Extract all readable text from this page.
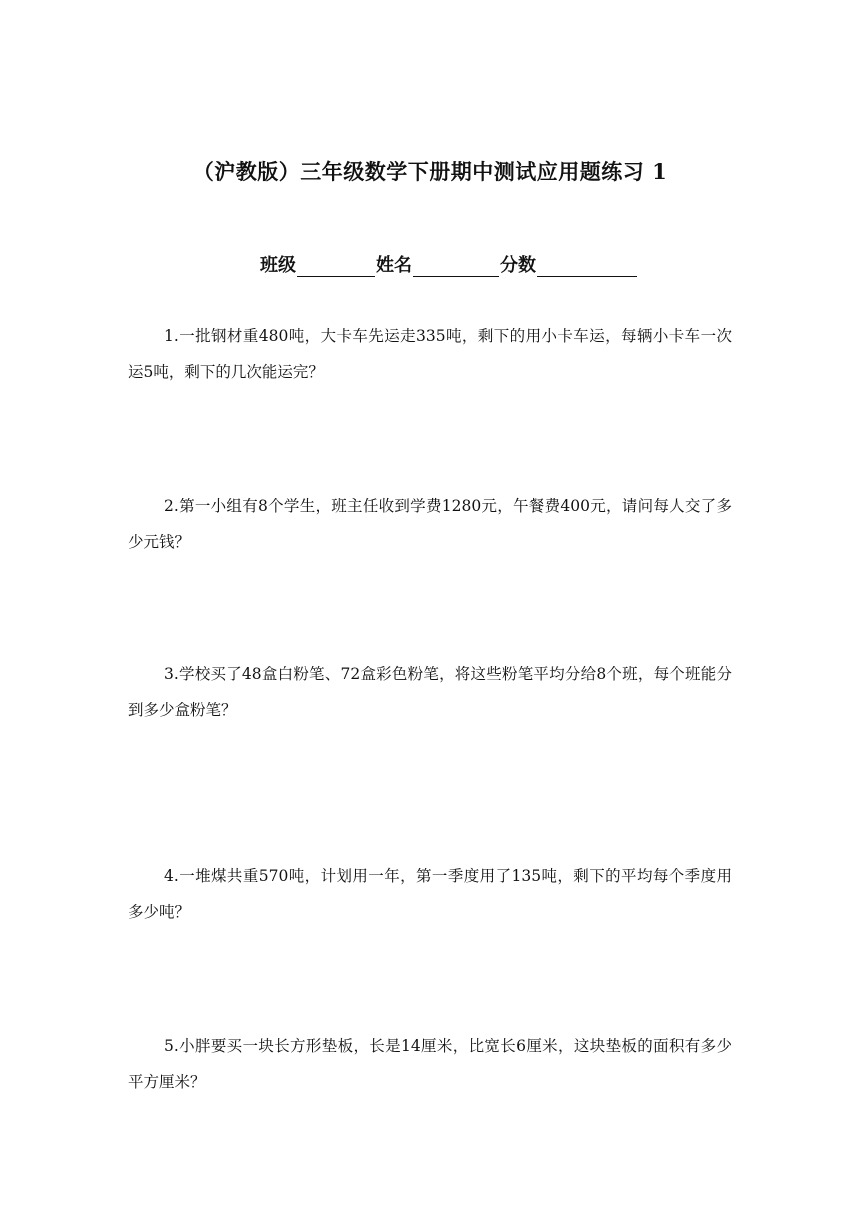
（沪教版）三年级数学下册期中测试应用题练习 1
班级	姓名	分数
1.一批钢材重480吨，大卡车先运走335吨，剩下的用小卡车运，每辆小卡车一次运5吨，剩下的几次能运完？
2.第一小组有8个学生，班主任收到学费1280元，午餐费400元，请问每人交了多少元钱？
3.学校买了48盒白粉笔、72盒彩色粉笔，将这些粉笔平均分给8个班，每个班能分到多少盒粉笔？
4.一堆煤共重570吨，计划用一年，第一季度用了135吨，剩下的平均每个季度用多少吨？
5.小胖要买一块长方形垫板，长是14厘米，比宽长6厘米，这块垫板的面积有多少平方厘米？
